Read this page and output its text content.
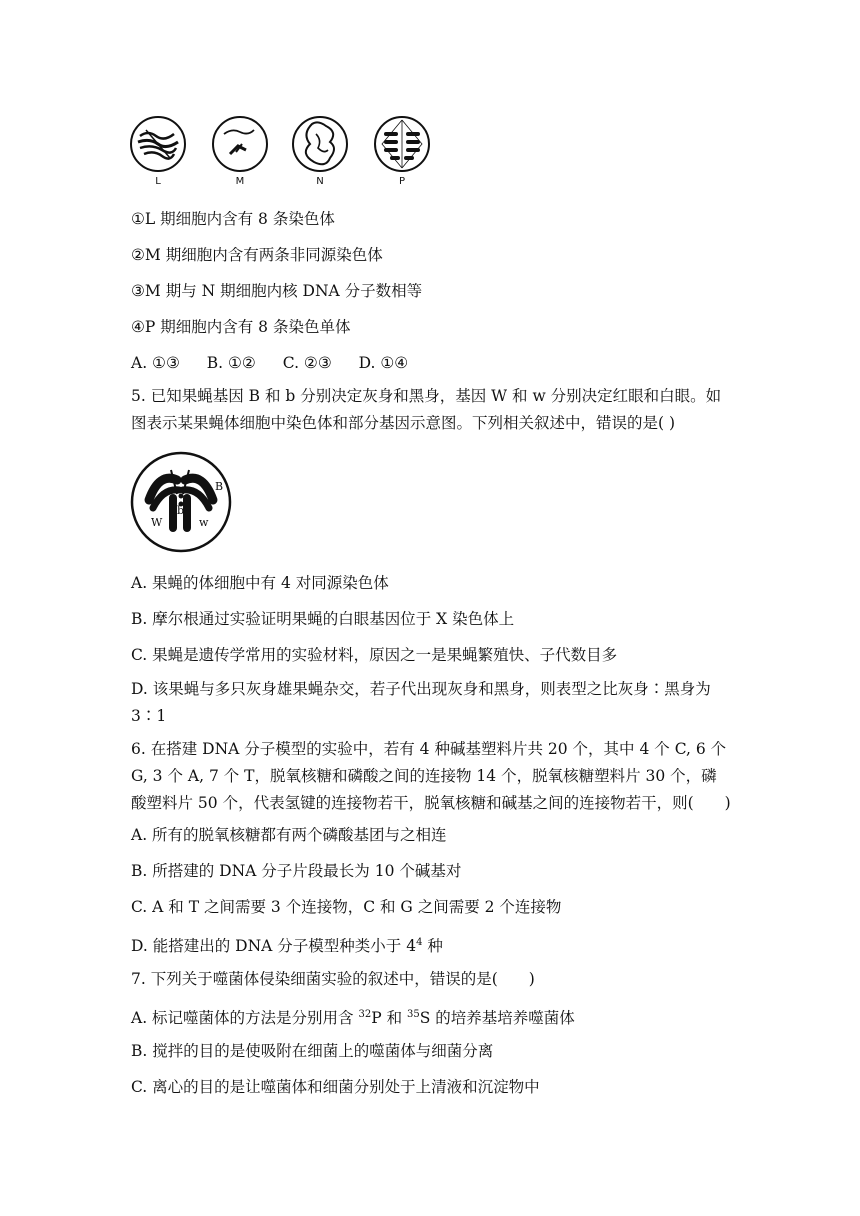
L	M	N	P
①L 期细胞内含有 8 条染色体
②M 期细胞内含有两条非同源染色体
③M 期与 N 期细胞内核 DNA 分子数相等
④P 期细胞内含有 8 条染色单体
A. ①③ B. ①② C. ②③ D. ①④
5. 已知果蝇基因 B 和 b 分别决定灰身和黑身，基因 W 和 w 分别决定红眼和白眼。如图表示某果蝇体细胞中染色体和部分基因示意图。下列相关叙述中，错误的是( )
B
b
W	w
A. 果蝇的体细胞中有 4 对同源染色体
B. 摩尔根通过实验证明果蝇的白眼基因位于 X 染色体上
C. 果蝇是遗传学常用的实验材料，原因之一是果蝇繁殖快、子代数目多
D. 该果蝇与多只灰身雄果蝇杂交，若子代出现灰身和黑身，则表型之比灰身∶黑身为 3∶1
6. 在搭建 DNA 分子模型的实验中，若有 4 种碱基塑料片共 20 个，其中 4 个 C, 6 个 G, 3 个 A, 7 个 T，脱氧核糖和磷酸之间的连接物 14 个，脱氧核糖塑料片 30 个，磷酸塑料片 50 个，代表氢键的连接物若干，脱氧核糖和碱基之间的连接物若干，则(　　)
A. 所有的脱氧核糖都有两个磷酸基团与之相连
B. 所搭建的 DNA 分子片段最长为 10 个碱基对
C. A 和 T 之间需要 3 个连接物，C 和 G 之间需要 2 个连接物
D. 能搭建出的 DNA 分子模型种类小于 $4^4$ 种
7. 下列关于噬菌体侵染细菌实验的叙述中，错误的是(　　)
A. 标记噬菌体的方法是分别用含 $^{32}$P 和 $^{35}$S 的培养基培养噬菌体
B. 搅拌的目的是使吸附在细菌上的噬菌体与细菌分离
C. 离心的目的是让噬菌体和细菌分别处于上清液和沉淀物中
